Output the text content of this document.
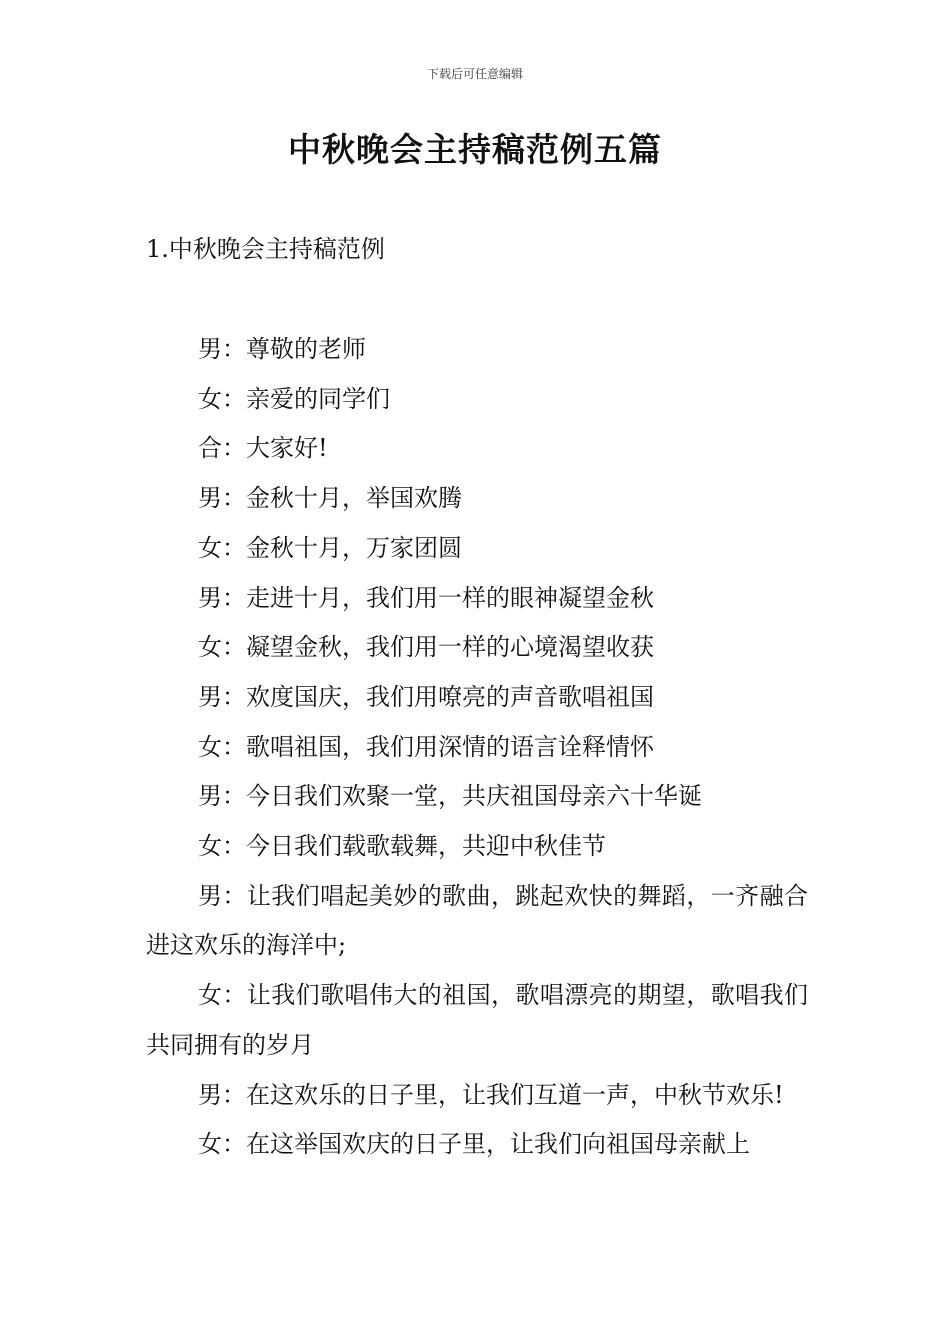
下载后可任意编辑
中秋晚会主持稿范例五篇
1.中秋晚会主持稿范例

男：尊敬的老师

女：亲爱的同学们

合：大家好!

男：金秋十月，举国欢腾

女：金秋十月，万家团圆

男：走进十月，我们用一样的眼神凝望金秋

女：凝望金秋，我们用一样的心境渴望收获

男：欢度国庆，我们用嘹亮的声音歌唱祖国

女：歌唱祖国，我们用深情的语言诠释情怀

男：今日我们欢聚一堂，共庆祖国母亲六十华诞

女：今日我们载歌载舞，共迎中秋佳节

男：让我们唱起美妙的歌曲，跳起欢快的舞蹈，一齐融合进这欢乐的海洋中;

女：让我们歌唱伟大的祖国，歌唱漂亮的期望，歌唱我们共同拥有的岁月

男：在这欢乐的日子里，让我们互道一声，中秋节欢乐!

女：在这举国欢庆的日子里，让我们向祖国母亲献上
